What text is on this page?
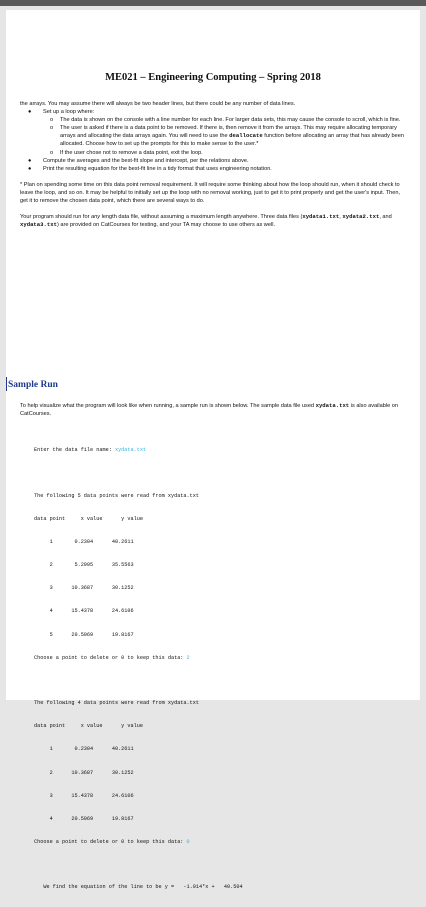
ME021 – Engineering Computing – Spring 2018

the arrays. You may assume there will always be two header lines, but there could be any number of data lines.

● Set up a loop where:
o The data is shown on the console with a line number for each line. For larger data sets, this may cause the console to scroll, which is fine.
o The user is asked if there is a data point to be removed. If there is, then remove it from the arrays. This may require allocating temporary arrays and allocating the data arrays again. You will need to use the deallocate function before allocating an array that has already been allocated. Choose how to set up the prompts for this to make sense to the user.*
o If the user chose not to remove a data point, exit the loop.
● Compute the averages and the best-fit slope and intercept, per the relations above.
● Print the resulting equation for the best-fit line in a tidy format that uses engineering notation.

* Plan on spending some time on this data point removal requirement. It will require some thinking about how the loop should run, when it should check to leave the loop, and so on. It may be helpful to initially set up the loop with no removal working, just to get it to print properly and get the user's input. Then, get it to remove the chosen data point, which there are several ways to do.

Your program should run for any length data file, without assuming a maximum length anywhere. Three data files (xydata1.txt, xydata2.txt, and xydata3.txt) are provided on CatCourses for testing, and your TA may choose to use others as well.

Sample Run

To help visualize what the program will look like when running, a sample run is shown below. The sample data file used xydata.txt is also available on CatCourses.

Enter the data file name: xydata.txt

The following 5 data points were read from xydata.txt

data point     x value      y value

1       0.2304      40.2611

2       5.2995      35.5563

3      10.3687      30.1252

4      15.4378      24.6106

5      20.5069      19.8167

Choose a point to delete or 0 to keep this data: 2

The following 4 data points were read from xydata.txt

data point     x value      y value

1       0.2304      40.2611

2      10.3687      30.1252

3      15.4378      24.6106

4      20.5069      19.8167

Choose a point to delete or 0 to keep this data: 0

We find the equation of the line to be y =   -1.014*x +   40.504
